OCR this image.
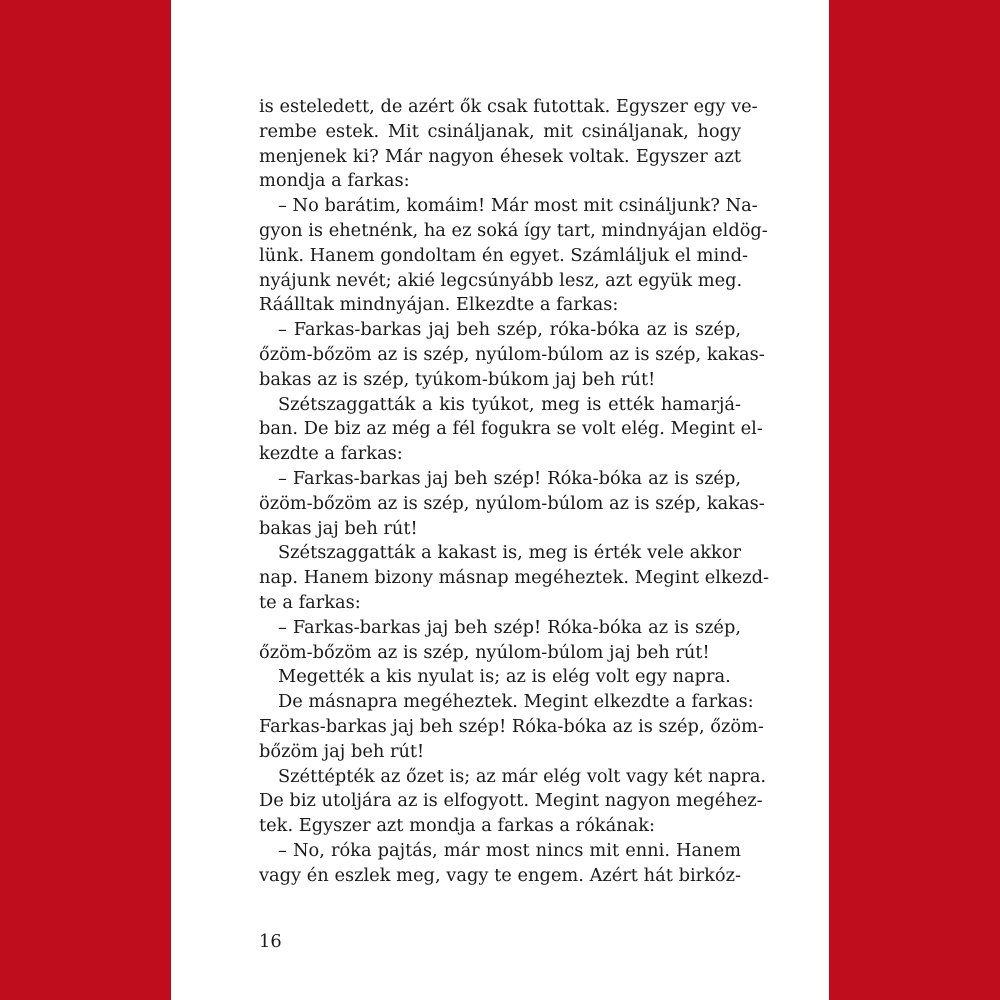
is esteledett, de azért ők csak futottak. Egyszer egy ve-
rembe estek. Mit csináljanak, mit csináljanak, hogy
menjenek ki? Már nagyon éhesek voltak. Egyszer azt
mondja a farkas:
– No barátim, komáim! Már most mit csináljunk? Na-
gyon is ehetnénk, ha ez soká így tart, mindnyájan eldög-
lünk. Hanem gondoltam én egyet. Számláljuk el mind-
nyájunk nevét; akié legcsúnyább lesz, azt együk meg.
Ráálltak mindnyájan. Elkezdte a farkas:
– Farkas-barkas jaj beh szép, róka-bóka az is szép,
őzöm-bőzöm az is szép, nyúlom-búlom az is szép, kakas-
bakas az is szép, tyúkom-búkom jaj beh rút!
Szétszaggatták a kis tyúkot, meg is ették hamarjá-
ban. De biz az még a fél fogukra se volt elég. Megint el-
kezdte a farkas:
– Farkas-barkas jaj beh szép! Róka-bóka az is szép,
özöm-bőzöm az is szép, nyúlom-búlom az is szép, kakas-
bakas jaj beh rút!
Szétszaggatták a kakast is, meg is érték vele akkor
nap. Hanem bizony másnap megéheztek. Megint elkezd-
te a farkas:
– Farkas-barkas jaj beh szép! Róka-bóka az is szép,
őzöm-bőzöm az is szép, nyúlom-búlom jaj beh rút!
Megették a kis nyulat is; az is elég volt egy napra.
De másnapra megéheztek. Megint elkezdte a farkas:
Farkas-barkas jaj beh szép! Róka-bóka az is szép, őzöm-
bőzöm jaj beh rút!
Széttépték az őzet is; az már elég volt vagy két napra.
De biz utoljára az is elfogyott. Megint nagyon megéhez-
tek. Egyszer azt mondja a farkas a rókának:
– No, róka pajtás, már most nincs mit enni. Hanem
vagy én eszlek meg, vagy te engem. Azért hát birkóz-
16
